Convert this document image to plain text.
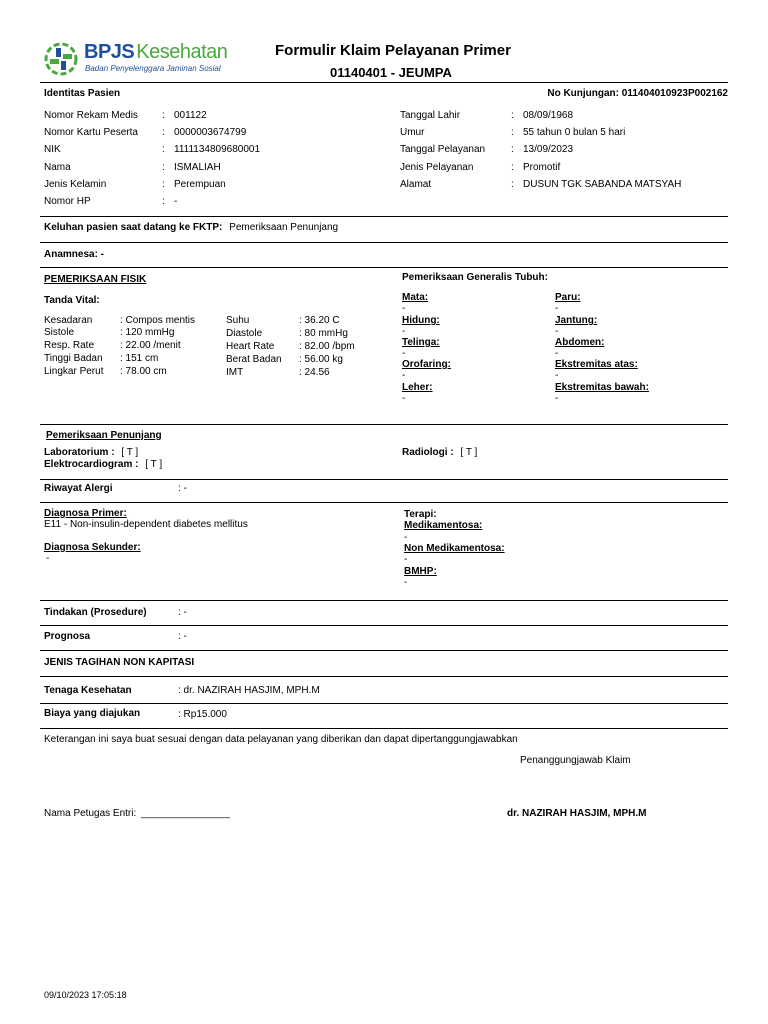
BPJS Kesehatan
Badan Penyelenggara Jaminan Sosial
Formulir Klaim Pelayanan Primer
01140401 - JEUMPA
Identitas Pasien	No Kunjungan: 011404010923P002162
Nomor Rekam Medis : 001122
Nomor Kartu Peserta : 0000003674799
NIK	: 1111134809680001
Nama	: ISMALIAH
Jenis Kelamin	: Perempuan
Nomor HP	: -
Tanggal Lahir	: 08/09/1968
Umur	: 55 tahun 0 bulan 5 hari
Tanggal Pelayanan	: 13/09/2023
Jenis Pelayanan	: Promotif
Alamat	: DUSUN TGK SABANDA MATSYAH
Keluhan pasien saat datang ke FKTP: Pemeriksaan Penunjang
Anamnesa: -
PEMERIKSAAN FISIK
Tanda Vital:
Kesadaran	: Compos mentis
Sistole	: 120 mmHg
Resp. Rate	: 22.00 /menit
Tinggi Badan : 151 cm
Lingkar Perut : 78.00 cm
Suhu	: 36.20 C
Diastole	: 80 mmHg
Heart Rate : 82.00 /bpm
Berat Badan : 56.00 kg
IMT	: 24.56
Pemeriksaan Generalis Tubuh:
Mata:
-
Hidung:
-
Telinga:
-
Orofaring:
-
Leher:
-
Paru:
-
Jantung:
-
Abdomen:
-
Ekstremitas atas:
-
Ekstremitas bawah:
-
Pemeriksaan Penunjang
Laboratorium : [ T ]
Elektrocardiogram : [ T ]
Radiologi : [ T ]
Riwayat Alergi	: -
Diagnosa Primer:
E11 - Non-insulin-dependent diabetes mellitus
Diagnosa Sekunder:
-
Terapi:
Medikamentosa:
-
Non Medikamentosa:
-
BMHP:
-
Tindakan (Prosedure)	: -
Prognosa	: -
JENIS TAGIHAN NON KAPITASI
Tenaga Kesehatan	: dr. NAZIRAH HASJIM, MPH.M
Biaya yang diajukan	: Rp15.000
Keterangan ini saya buat sesuai dengan data pelayanan yang diberikan dan dapat dipertanggungjawabkan
Penanggungjawab Klaim
Nama Petugas Entri: ________________	dr. NAZIRAH HASJIM, MPH.M
09/10/2023 17:05:18
